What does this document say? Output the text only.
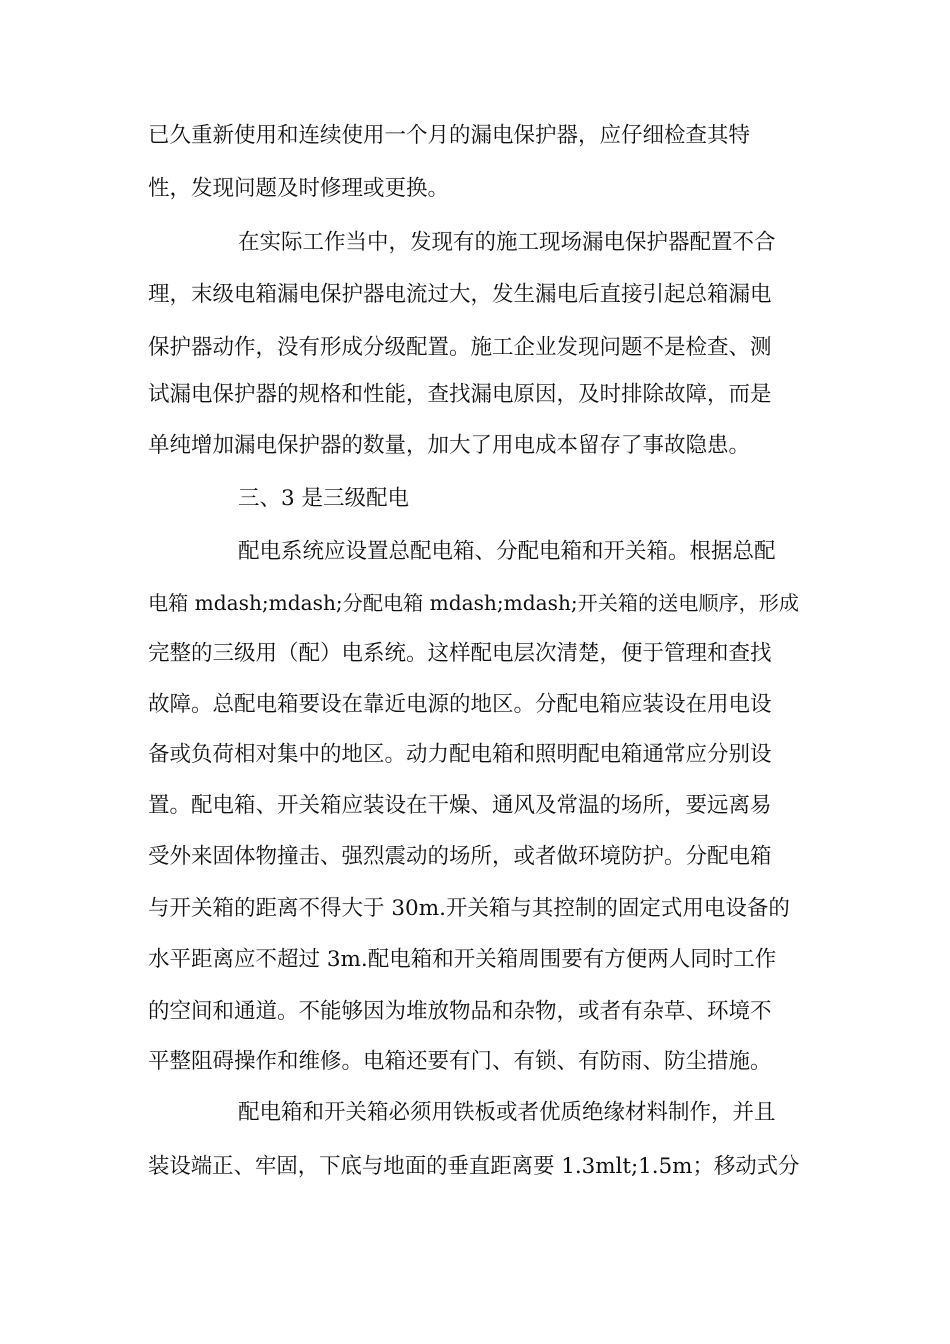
已久重新使用和连续使用一个月的漏电保护器，应仔细检查其特
性，发现问题及时修理或更换。
在实际工作当中，发现有的施工现场漏电保护器配置不合
理，末级电箱漏电保护器电流过大，发生漏电后直接引起总箱漏电
保护器动作，没有形成分级配置。施工企业发现问题不是检查、测
试漏电保护器的规格和性能，查找漏电原因，及时排除故障，而是
单纯增加漏电保护器的数量，加大了用电成本留存了事故隐患。
三、3 是三级配电
配电系统应设置总配电箱、分配电箱和开关箱。根据总配
电箱 mdash;mdash;分配电箱 mdash;mdash;开关箱的送电顺序，形成
完整的三级用（配）电系统。这样配电层次清楚，便于管理和查找
故障。总配电箱要设在靠近电源的地区。分配电箱应装设在用电设
备或负荷相对集中的地区。动力配电箱和照明配电箱通常应分别设
置。配电箱、开关箱应装设在干燥、通风及常温的场所，要远离易
受外来固体物撞击、强烈震动的场所，或者做环境防护。分配电箱
与开关箱的距离不得大于 30m.开关箱与其控制的固定式用电设备的
水平距离应不超过 3m.配电箱和开关箱周围要有方便两人同时工作
的空间和通道。不能够因为堆放物品和杂物，或者有杂草、环境不
平整阻碍操作和维修。电箱还要有门、有锁、有防雨、防尘措施。
配电箱和开关箱必须用铁板或者优质绝缘材料制作，并且
装设端正、牢固，下底与地面的垂直距离要 1.3mlt;1.5m；移动式分
